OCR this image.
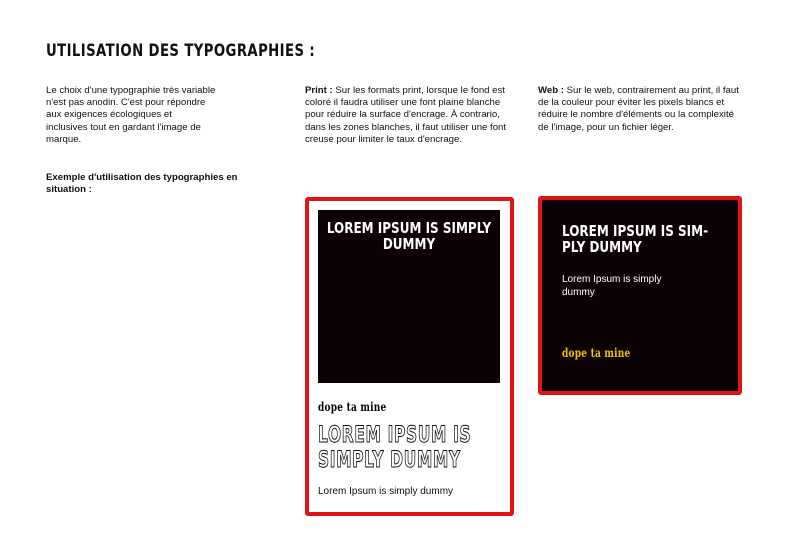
UTILISATION DES TYPOGRAPHIES :

Le choix d'une typographie très variable n'est pas anodin. C'est pour répondre aux exigences écologiques et inclusives tout en gardant l'image de marque.

Print : Sur les formats print, lorsque le fond est coloré il faudra utiliser une font plaine blanche pour réduire la surface d'encrage. À contrario, dans les zones blanches, il faut utiliser une font creuse pour limiter le taux d'encrage.

Web : Sur le web, contrairement au print, il faut de la couleur pour éviter les pixels blancs et réduire le nombre d'éléments ou la complexité de l'image, pour un fichier léger.

Exemple d'utilisation des typographies en situation :

LOREM IPSUM IS SIMPLY DUMMY
dope ta mine
LOREM IPSUM IS SIMPLY DUMMY
Lorem Ipsum is simply dummy
LOREM IPSUM IS SIM-PLY DUMMY
Lorem Ipsum is simply dummy
dope ta mine
